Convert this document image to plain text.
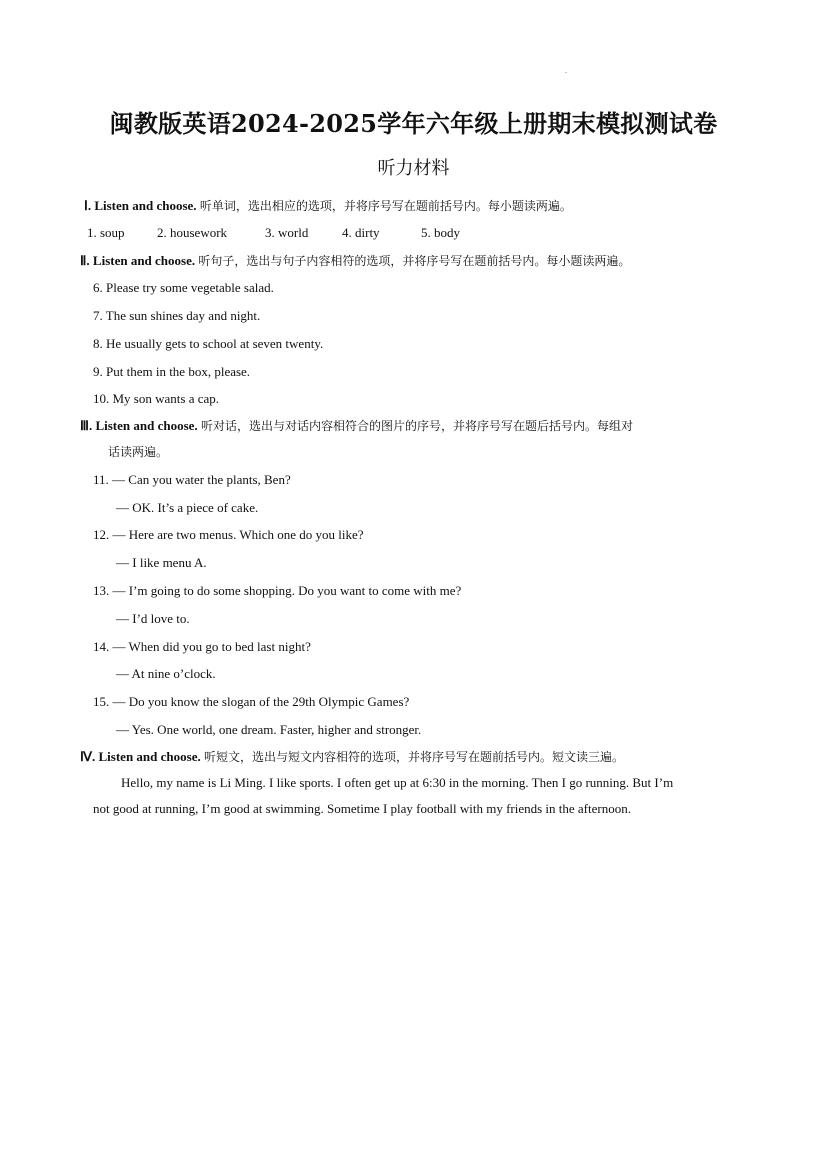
.
闽教版英语2024-2025学年六年级上册期末模拟测试卷
听力材料
Ⅰ. Listen and choose. 听单词，选出相应的选项，并将序号写在题前括号内。每小题读两遍。
1. soup 2. housework	3. world	4. dirty	5. body
Ⅱ. Listen and choose. 听句子，选出与句子内容相符的选项，并将序号写在题前括号内。每小题读两遍。
6. Please try some vegetable salad.
7. The sun shines day and night.
8. He usually gets to school at seven twenty.
9. Put them in the box, please.
10. My son wants a cap.
Ⅲ. Listen and choose. 听对话，选出与对话内容相符合的图片的序号，并将序号写在题后括号内。每组对
话读两遍。
11. — Can you water the plants, Ben?
— OK. It’s a piece of cake.
12. — Here are two menus. Which one do you like?
— I like menu A.
13. — I’m going to do some shopping. Do you want to come with me?
— I’d love to.
14. — When did you go to bed last night?
— At nine o’clock.
15. — Do you know the slogan of the 29th Olympic Games?
— Yes. One world, one dream. Faster, higher and stronger.
Ⅳ. Listen and choose. 听短文，选出与短文内容相符的选项，并将序号写在题前括号内。短文读三遍。
Hello, my name is Li Ming. I like sports. I often get up at 6:30 in the morning. Then I go running. But I’m
not good at running, I’m good at swimming. Sometime I play football with my friends in the afternoon.
